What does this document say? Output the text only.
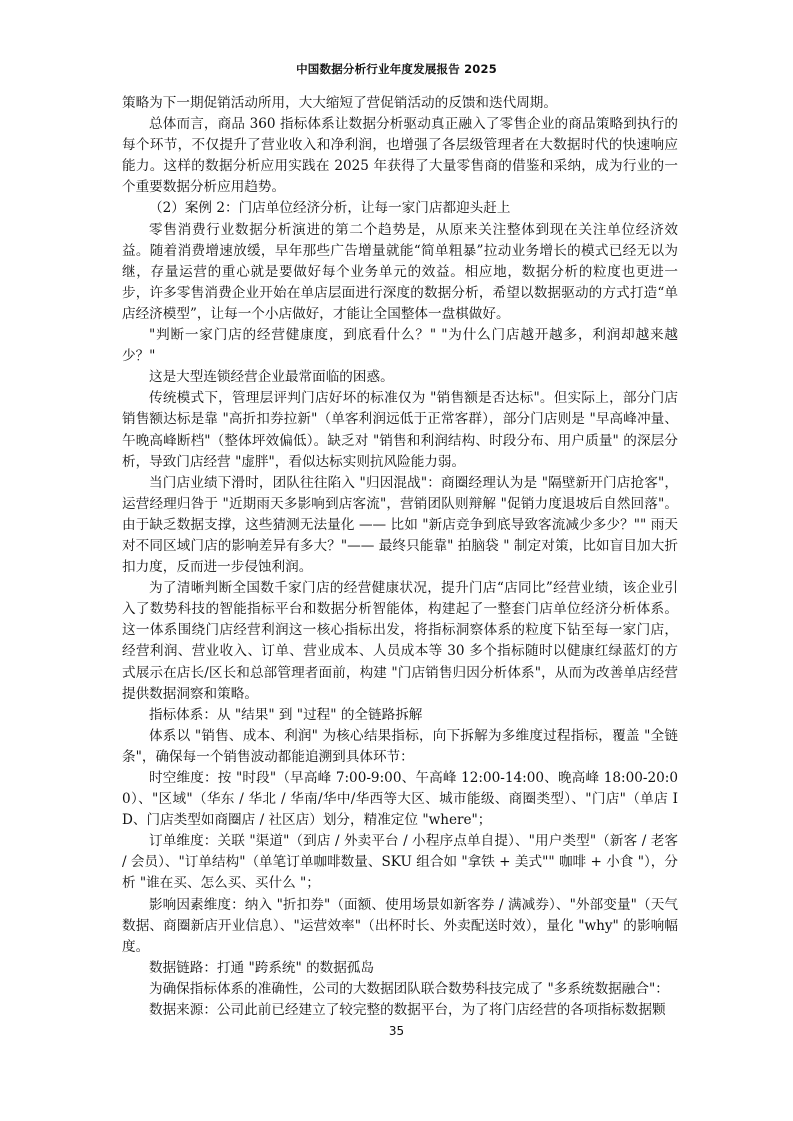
中国数据分析行业年度发展报告 2025

策略为下一期促销活动所用，大大缩短了营促销活动的反馈和迭代周期。

总体而言，商品 360 指标体系让数据分析驱动真正融入了零售企业的商品策略到执行的每个环节，不仅提升了营业收入和净利润，也增强了各层级管理者在大数据时代的快速响应能力。这样的数据分析应用实践在 2025 年获得了大量零售商的借鉴和采纳，成为行业的一个重要数据分析应用趋势。

（2）案例 2：门店单位经济分析，让每一家门店都迎头赶上

零售消费行业数据分析演进的第二个趋势是，从原来关注整体到现在关注单位经济效益。随着消费增速放缓，早年那些广告增量就能“简单粗暴”拉动业务增长的模式已经无以为继，存量运营的重心就是要做好每个业务单元的效益。相应地，数据分析的粒度也更进一步，许多零售消费企业开始在单店层面进行深度的数据分析，希望以数据驱动的方式打造“单店经济模型”，让每一个小店做好，才能让全国整体一盘棋做好。

"判断一家门店的经营健康度，到底看什么？" "为什么门店越开越多，利润却越来越少？"

这是大型连锁经营企业最常面临的困惑。

传统模式下，管理层评判门店好坏的标准仅为 "销售额是否达标"。但实际上，部分门店销售额达标是靠 "高折扣券拉新"（单客利润远低于正常客群），部分门店则是 "早高峰冲量、午晚高峰断档"（整体坪效偏低）。缺乏对 "销售和利润结构、时段分布、用户质量" 的深层分析，导致门店经营 "虚胖"，看似达标实则抗风险能力弱。

当门店业绩下滑时，团队往往陷入 "归因混战"：商圈经理认为是 "隔壁新开门店抢客"，运营经理归咎于 "近期雨天多影响到店客流"，营销团队则辩解 "促销力度退坡后自然回落"。由于缺乏数据支撑，这些猜测无法量化 —— 比如 "新店竞争到底导致客流减少多少？"" 雨天对不同区域门店的影响差异有多大？"—— 最终只能靠" 拍脑袋 " 制定对策，比如盲目加大折扣力度，反而进一步侵蚀利润。

为了清晰判断全国数千家门店的经营健康状况，提升门店“店同比”经营业绩，该企业引入了数势科技的智能指标平台和数据分析智能体，构建起了一整套门店单位经济分析体系。这一体系围绕门店经营利润这一核心指标出发，将指标洞察体系的粒度下钻至每一家门店，经营利润、营业收入、订单、营业成本、人员成本等 30 多个指标随时以健康红绿蓝灯的方式展示在店长/区长和总部管理者面前，构建 "门店销售归因分析体系"，从而为改善单店经营提供数据洞察和策略。

指标体系：从 "结果" 到 "过程" 的全链路拆解

体系以 "销售、成本、利润" 为核心结果指标，向下拆解为多维度过程指标，覆盖 "全链条"，确保每一个销售波动都能追溯到具体环节：

时空维度：按 "时段"（早高峰 7:00-9:00、午高峰 12:00-14:00、晚高峰 18:00-20:00）、"区域"（华东 / 华北 / 华南/华中/华西等大区、城市能级、商圈类型）、"门店"（单店 ID、门店类型如商圈店 / 社区店）划分，精准定位 "where"；

订单维度：关联 "渠道"（到店 / 外卖平台 / 小程序点单自提）、"用户类型"（新客 / 老客 / 会员）、"订单结构"（单笔订单咖啡数量、SKU 组合如 "拿铁 + 美式"" 咖啡 + 小食 "），分析 "谁在买、怎么买、买什么 "；

影响因素维度：纳入 "折扣券"（面额、使用场景如新客券 / 满减券）、"外部变量"（天气数据、商圈新店开业信息）、"运营效率"（出杯时长、外卖配送时效），量化 "why" 的影响幅度。

数据链路：打通 "跨系统" 的数据孤岛

为确保指标体系的准确性，公司的大数据团队联合数势科技完成了 "多系统数据融合"：

数据来源：公司此前已经建立了较完整的数据平台，为了将门店经营的各项指标数据颗

35
